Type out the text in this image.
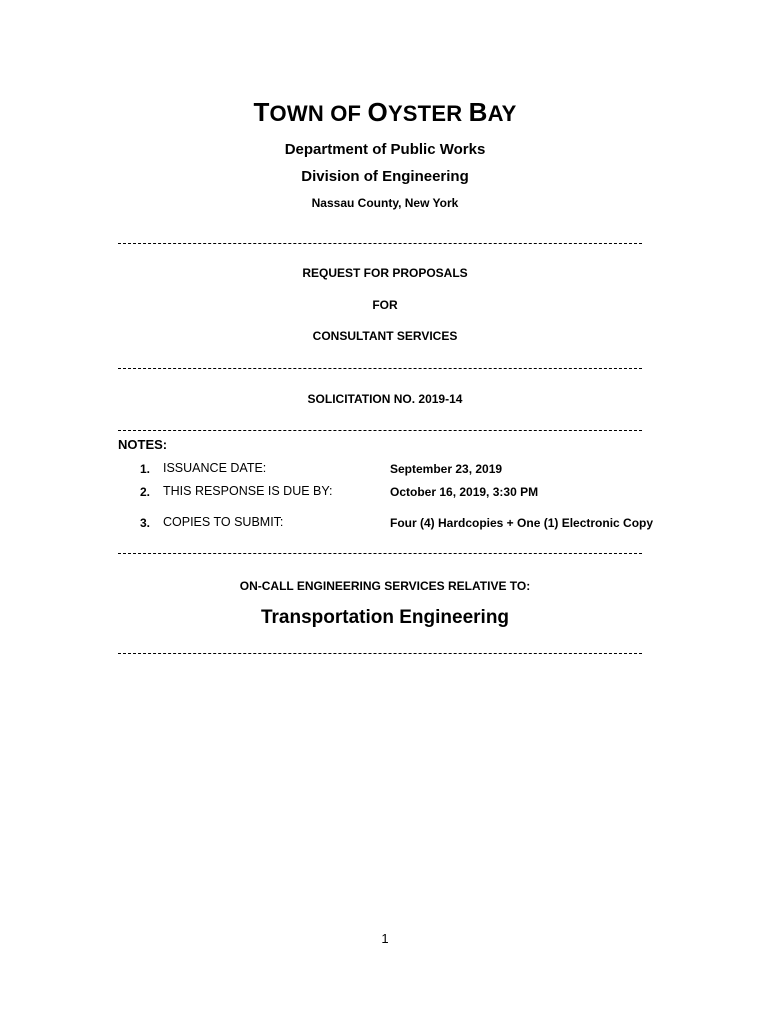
TOWN OF OYSTER BAY
Department of Public Works
Division of Engineering
Nassau County, New York
REQUEST FOR PROPOSALS
FOR
CONSULTANT SERVICES
SOLICITATION NO. 2019-14
NOTES:
1.	ISSUANCE DATE:	September 23, 2019
2.	THIS RESPONSE IS DUE BY:	October 16, 2019, 3:30 PM
3.	COPIES TO SUBMIT:	Four (4) Hardcopies + One (1) Electronic Copy
ON-CALL ENGINEERING SERVICES RELATIVE TO:
Transportation Engineering
1
